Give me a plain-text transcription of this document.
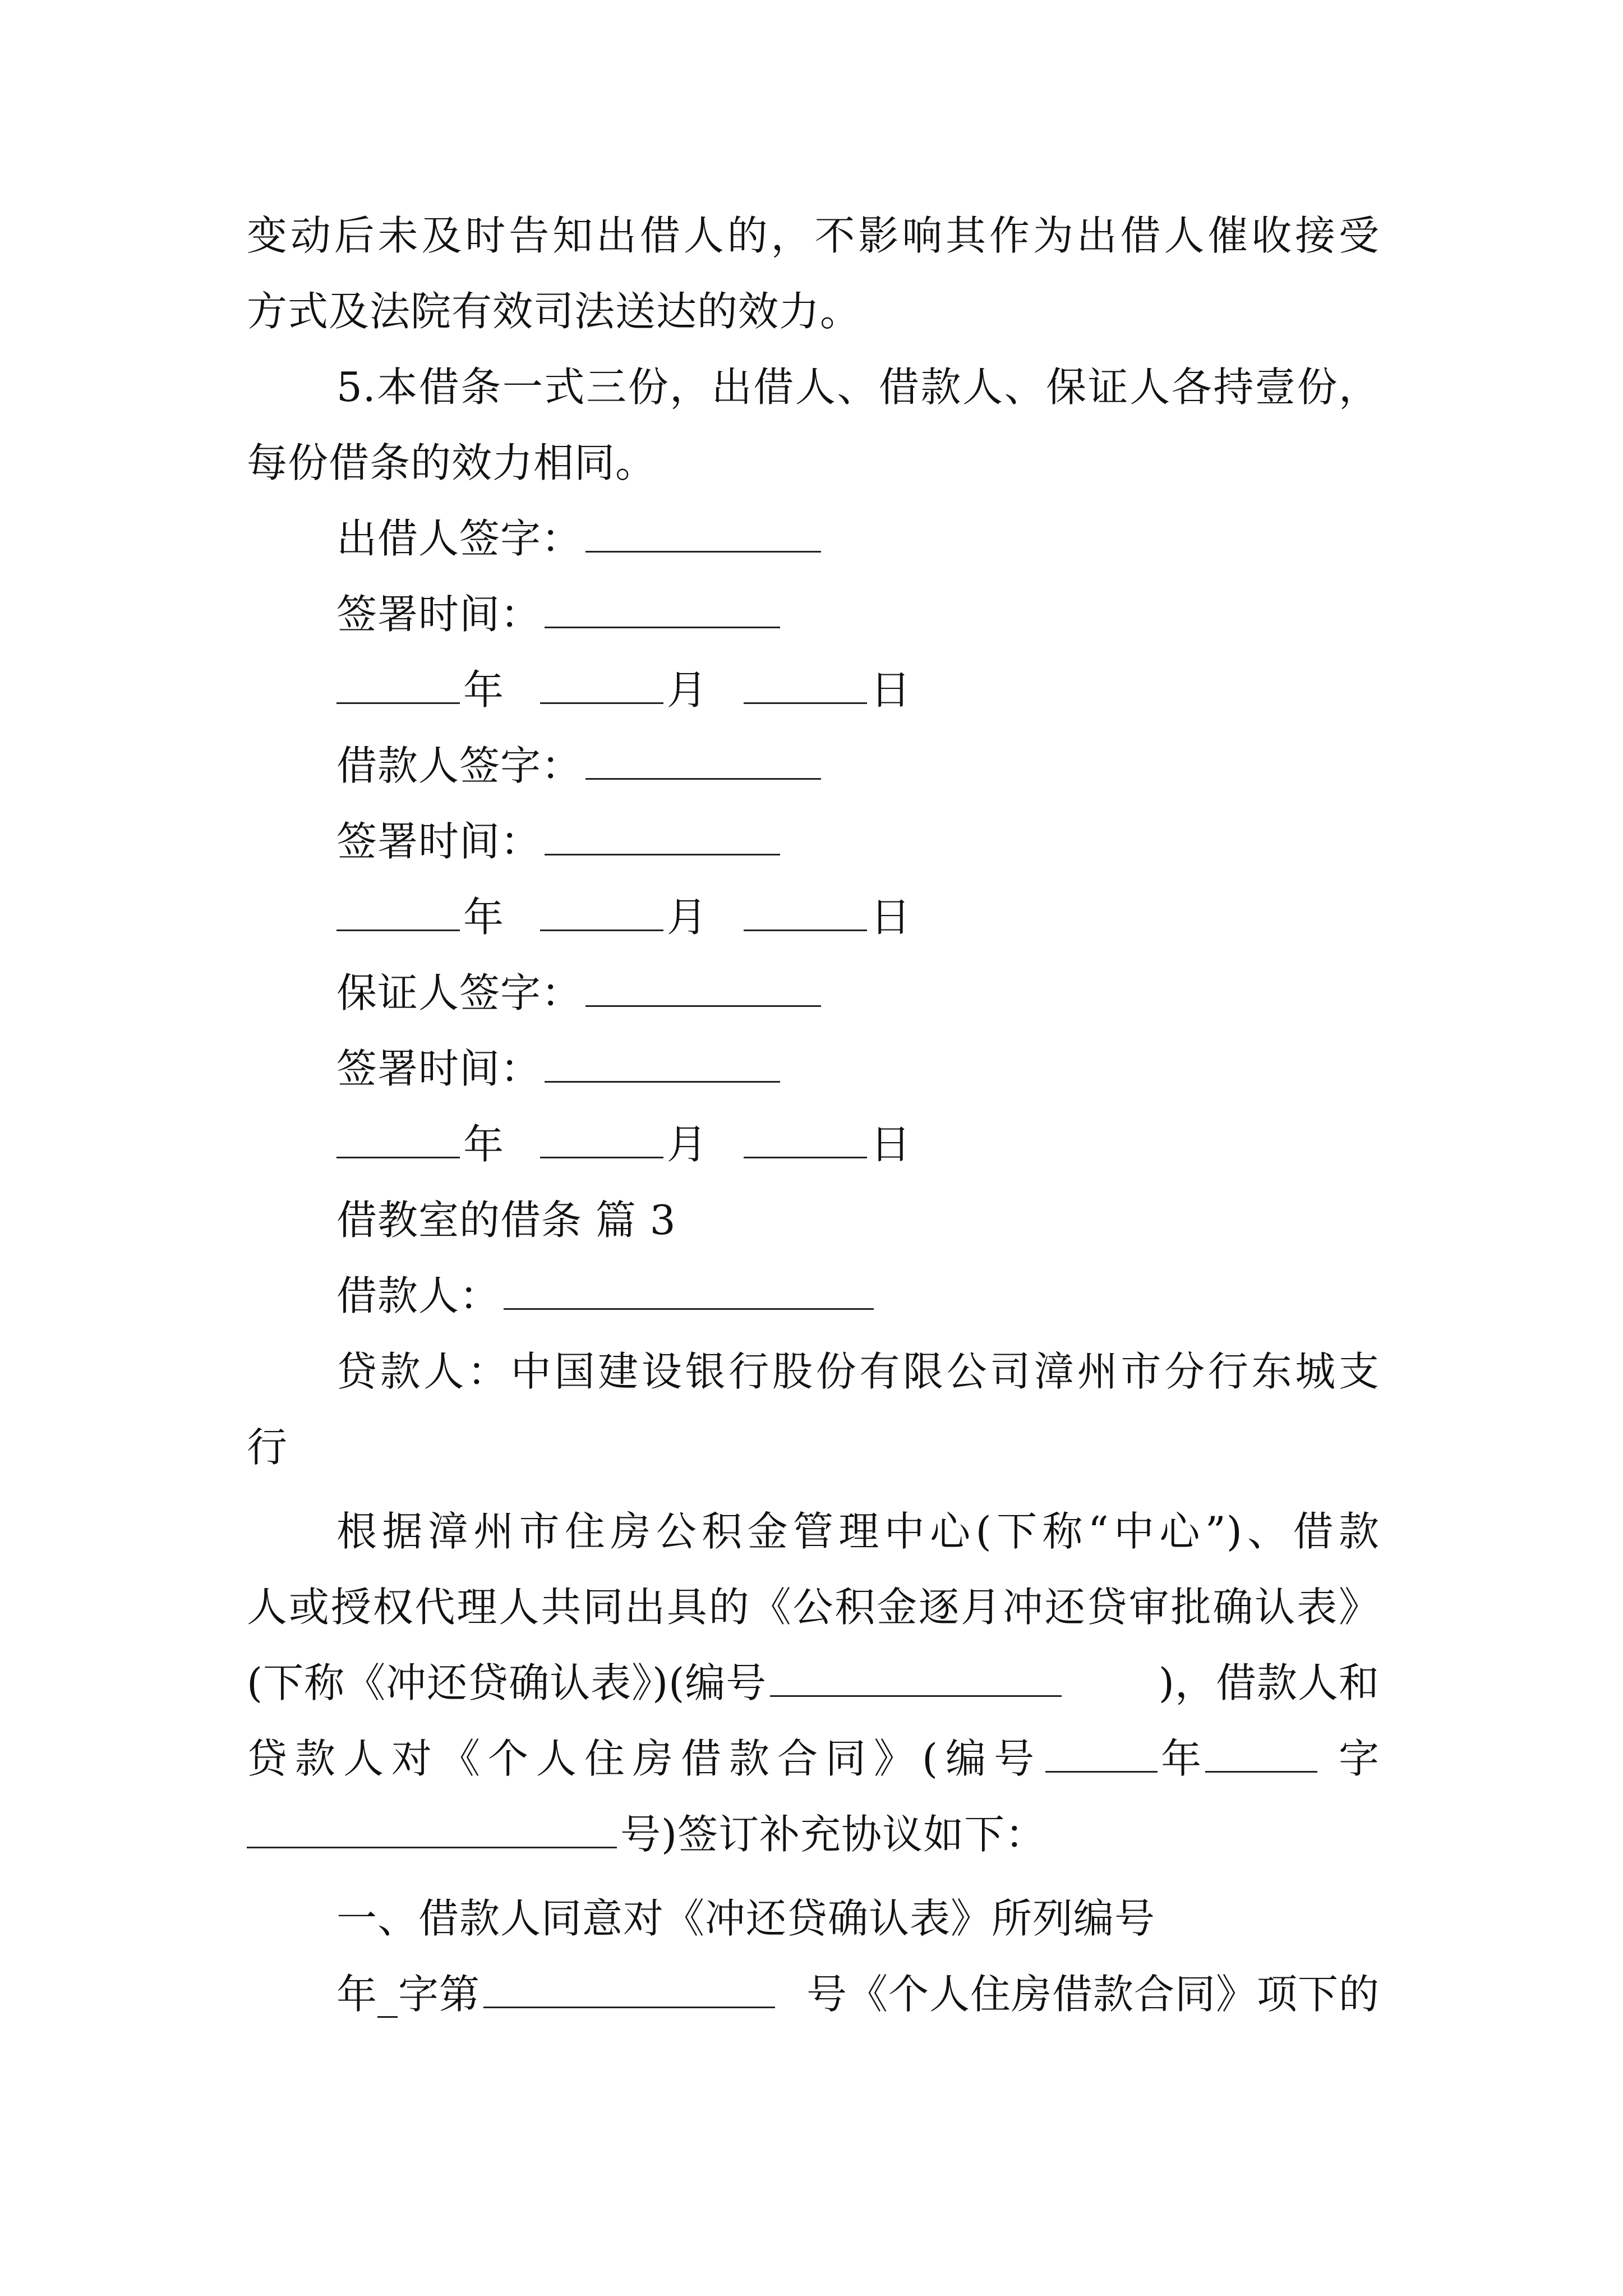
变动后未及时告知出借人的，不影响其作为出借人催收接受
方式及法院有效司法送达的效力。
5.本借条一式三份，出借人、借款人、保证人各持壹份，
每份借条的效力相同。
出借人签字：
签署时间：
年	月	日
借款人签字：
签署时间：
年	月	日
保证人签字：
签署时间：
年	月	日
借教室的借条 篇 3
借款人：
贷款人：中国建设银行股份有限公司漳州市分行东城支
行
根据漳州市住房公积金管理中心(下称“中心”)、借款
人或授权代理人共同出具的《公积金逐月冲还贷审批确认表》
(下称《冲还贷确认表》)(编号	)，借款人和
贷款人对《个人住房借款合同》(编号	年	字
号)签订补充协议如下：
一、借款人同意对《冲还贷确认表》所列编号
年_字第	号《个人住房借款合同》项下的
